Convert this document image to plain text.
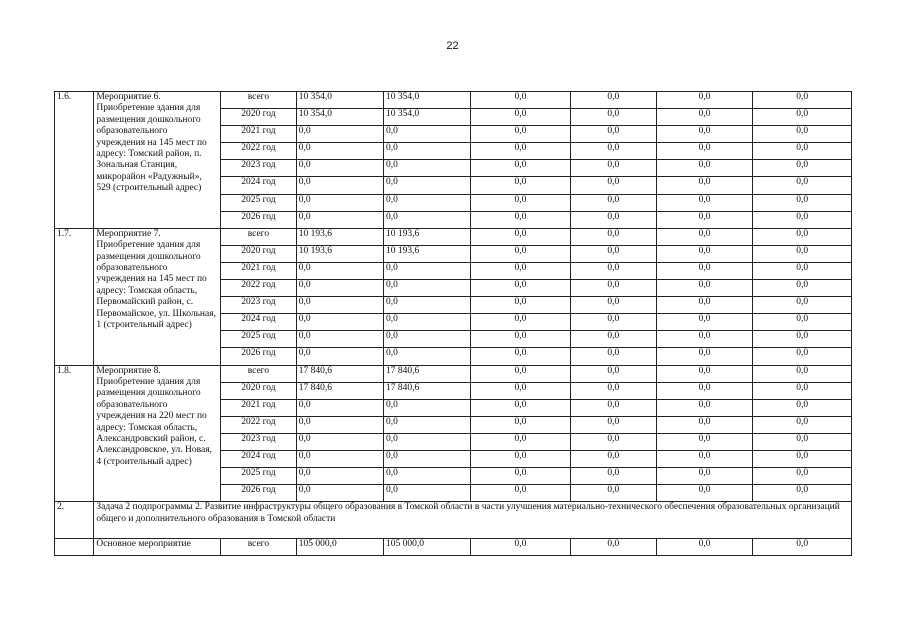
22
1.6.	Мероприятие 6. Приобретение здания для размещения дошкольного образовательного учреждения на 145 мест по адресу: Томский район, п. Зональная Станция, микрорайон «Радужный», 529 (строительный адрес)	всего	10 354,0	10 354,0	0,0	0,0	0,0	0,0
		2020 год	10 354,0	10 354,0	0,0	0,0	0,0	0,0
		2021 год	0,0	0,0	0,0	0,0	0,0	0,0
		2022 год	0,0	0,0	0,0	0,0	0,0	0,0
		2023 год	0,0	0,0	0,0	0,0	0,0	0,0
		2024 год	0,0	0,0	0,0	0,0	0,0	0,0
		2025 год	0,0	0,0	0,0	0,0	0,0	0,0
		2026 год	0,0	0,0	0,0	0,0	0,0	0,0
1.7.	Мероприятие 7. Приобретение здания для размещения дошкольного образовательного учреждения на 145 мест по адресу: Томская область, Первомайский район, с. Первомайское, ул. Школьная, 1 (строительный адрес)	всего	10 193,6	10 193,6	0,0	0,0	0,0	0,0
		2020 год	10 193,6	10 193,6	0,0	0,0	0,0	0,0
		2021 год	0,0	0,0	0,0	0,0	0,0	0,0
		2022 год	0,0	0,0	0,0	0,0	0,0	0,0
		2023 год	0,0	0,0	0,0	0,0	0,0	0,0
		2024 год	0,0	0,0	0,0	0,0	0,0	0,0
		2025 год	0,0	0,0	0,0	0,0	0,0	0,0
		2026 год	0,0	0,0	0,0	0,0	0,0	0,0
1.8.	Мероприятие 8. Приобретение здания для размещения дошкольного образовательного учреждения на 220 мест по адресу: Томская область, Александровский район, с. Александровское, ул. Новая, 4 (строительный адрес)	всего	17 840,6	17 840,6	0,0	0,0	0,0	0,0
		2020 год	17 840,6	17 840,6	0,0	0,0	0,0	0,0
		2021 год	0,0	0,0	0,0	0,0	0,0	0,0
		2022 год	0,0	0,0	0,0	0,0	0,0	0,0
		2023 год	0,0	0,0	0,0	0,0	0,0	0,0
		2024 год	0,0	0,0	0,0	0,0	0,0	0,0
		2025 год	0,0	0,0	0,0	0,0	0,0	0,0
		2026 год	0,0	0,0	0,0	0,0	0,0	0,0
2.	Задача 2 подпрограммы 2. Развитие инфраструктуры общего образования в Томской области в части улучшения материально-технического обеспечения образовательных организаций общего и дополнительного образования в Томской области							
	Основное мероприятие	всего	105 000,0	105 000,0	0,0	0,0	0,0	0,0
